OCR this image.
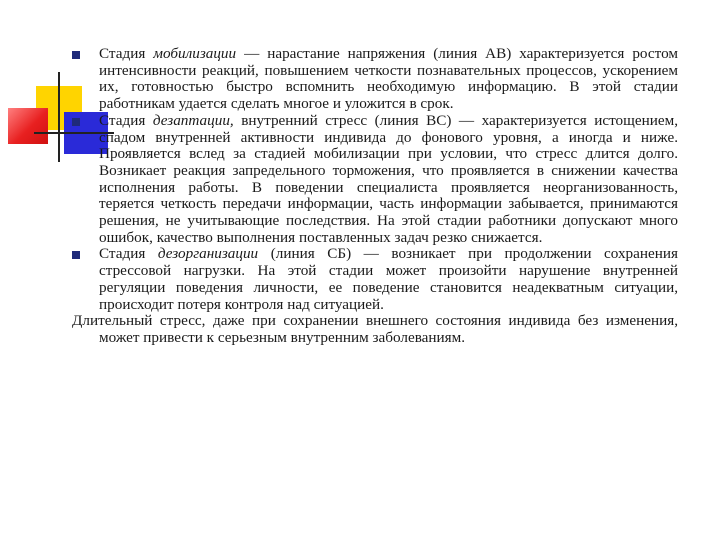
Стадия мобилизации — нарастание напряжения (линия АВ) характеризуется ростом интенсивности реакций, повышением четкости познавательных процессов, ускорением их, готовностью быстро вспомнить необходимую информацию. В этой стадии работникам удается сделать многое и уложится в срок.

Стадия дезаптации, внутренний стресс (линия ВС) — характеризуется истощением, спадом внутренней активности индивида до фонового уровня, а иногда и ниже. Проявляется вслед за стадией мобилизации при условии, что стресс длится долго. Возникает реакция запредельного торможения, что проявляется в снижении качества исполнения работы. В поведении специалиста проявляется неорганизованность, теряется четкость передачи информации, часть информации забывается, принимаются решения, не учитывающие последствия. На этой стадии работники допускают много ошибок, качество выполнения поставленных задач резко снижается.

Стадия дезорганизации (линия СБ) — возникает при продолжении сохранения стрессовой нагрузки. На этой стадии может произойти нарушение внутренней регуляции поведения личности, ее поведение становится неадекватным ситуации, происходит потеря контроля над ситуацией.

Длительный стресс, даже при сохранении внешнего состояния индивида без изменения, может привести к серьезным внутренним заболеваниям.
